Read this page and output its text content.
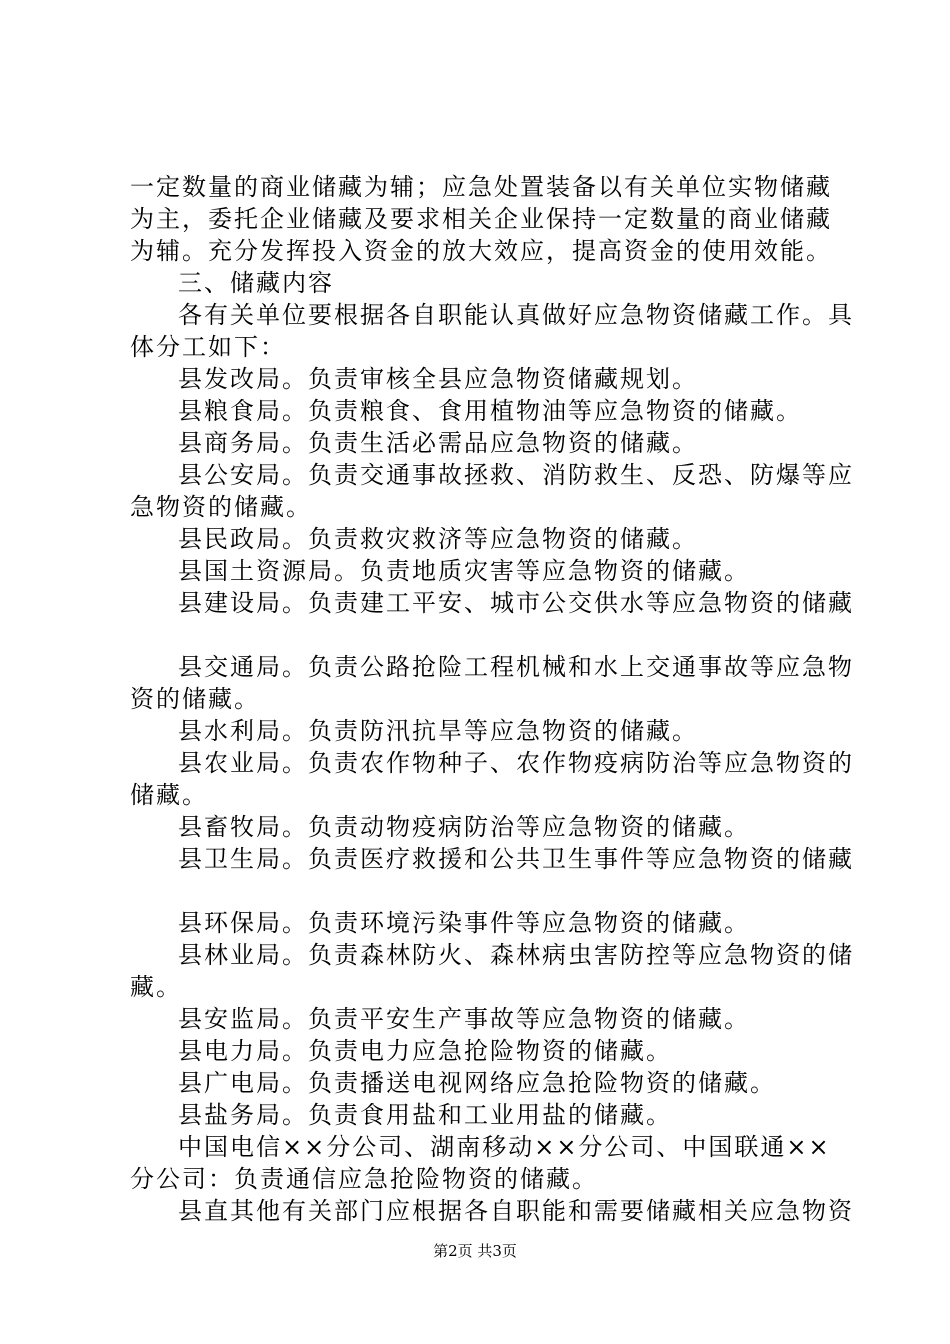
一定数量的商业储藏为辅；应急处置装备以有关单位实物储藏
为主，委托企业储藏及要求相关企业保持一定数量的商业储藏
为辅。充分发挥投入资金的放大效应，提高资金的使用效能。
三、储藏内容
各有关单位要根据各自职能认真做好应急物资储藏工作。具
体分工如下：
县发改局。负责审核全县应急物资储藏规划。
县粮食局。负责粮食、食用植物油等应急物资的储藏。
县商务局。负责生活必需品应急物资的储藏。
县公安局。负责交通事故拯救、消防救生、反恐、防爆等应
急物资的储藏。
县民政局。负责救灾救济等应急物资的储藏。
县国土资源局。负责地质灾害等应急物资的储藏。
县建设局。负责建工平安、城市公交供水等应急物资的储藏
县交通局。负责公路抢险工程机械和水上交通事故等应急物
资的储藏。
县水利局。负责防汛抗旱等应急物资的储藏。
县农业局。负责农作物种子、农作物疫病防治等应急物资的
储藏。
县畜牧局。负责动物疫病防治等应急物资的储藏。
县卫生局。负责医疗救援和公共卫生事件等应急物资的储藏
县环保局。负责环境污染事件等应急物资的储藏。
县林业局。负责森林防火、森林病虫害防控等应急物资的储
藏。
县安监局。负责平安生产事故等应急物资的储藏。
县电力局。负责电力应急抢险物资的储藏。
县广电局。负责播送电视网络应急抢险物资的储藏。
县盐务局。负责食用盐和工业用盐的储藏。
中国电信××分公司、湖南移动××分公司、中国联通××
分公司：负责通信应急抢险物资的储藏。
县直其他有关部门应根据各自职能和需要储藏相关应急物资
第2页 共3页
